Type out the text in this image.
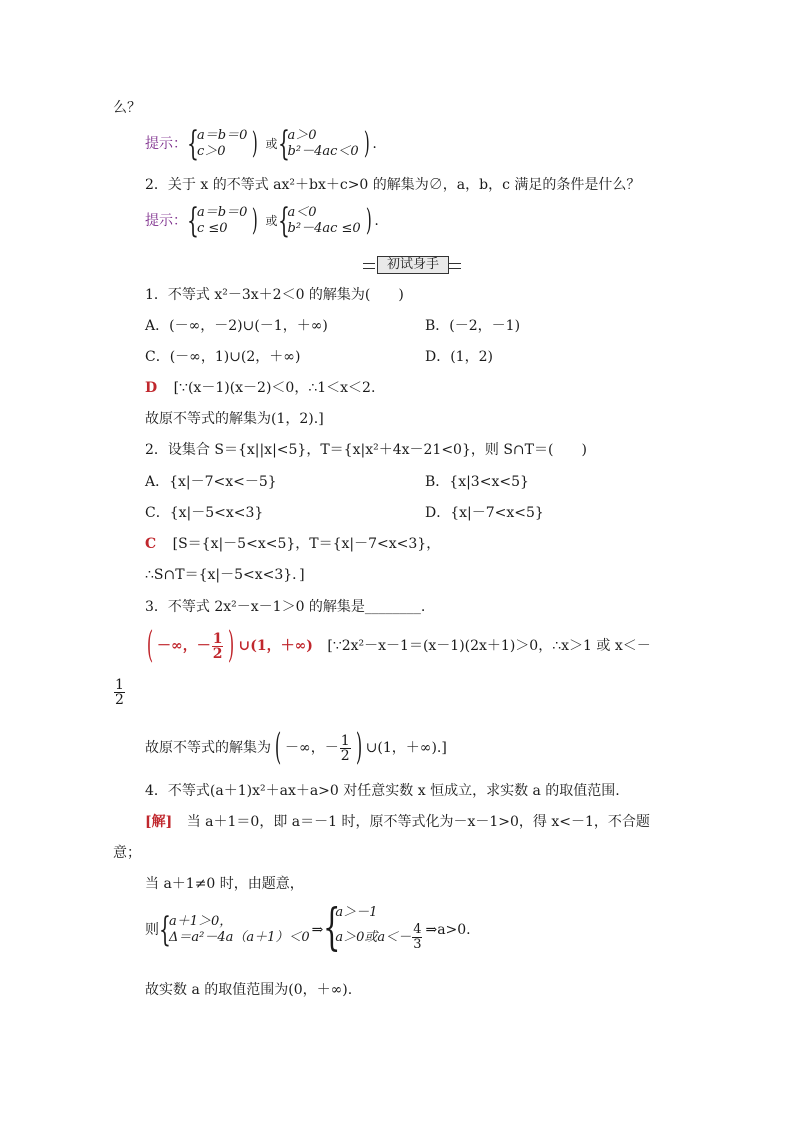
么？
提示： {
a＝b＝0
c＞0 ) 或 {
a＞0
b²－4ac＜0 ) .
2．关于 x 的不等式 ax²＋bx＋c>0 的解集为∅，a，b，c 满足的条件是什么？
提示： {
a＝b＝0
c ≤0 ) 或 {
a＜0
b²－4ac ≤0 ) .
初试身手
1．不等式 x²－3x＋2＜0 的解集为(　　)
A．(－∞，－2)∪(－1，＋∞)	B．(－2，－1)
C．(－∞，1)∪(2，＋∞)	D．(1，2)
D [∵(x－1)(x－2)＜0，∴1＜x＜2.
故原不等式的解集为(1，2).]
2．设集合 S＝{x||x|<5}，T＝{x|x²＋4x－21<0}，则 S∩T＝(　　)
A．{x|－7<x<－5}	B．{x|3<x<5}
C．{x|－5<x<3}	D．{x|－7<x<5}
C [S＝{x|－5<x<5}，T＝{x|－7<x<3}，
∴S∩T＝{x|－5<x<3}．]
3．不等式 2x²－x－1＞0 的解集是________.
( －∞，－ $\frac{1}{2}$ ) ∪(1，＋∞) [∵2x²－x－1＝(x－1)(2x＋1)＞0，∴x＞1 或 x＜－
$\frac{1}{2}$
故原不等式的解集为 ( －∞，－ $\frac{1}{2}$ ) ∪(1，＋∞).]
4．不等式(a＋1)x²＋ax＋a>0 对任意实数 x 恒成立，求实数 a 的取值范围.
[解] 当 a＋1＝0，即 a＝－1 时，原不等式化为－x－1>0，得 x<－1，不合题
意；
当 a＋1≠0 时，由题意，
则 {
a＋1＞0，
Δ＝a²－4a（a＋1）＜0 ⇒ {
a＞－1
a＞0或$a<- \frac{4}{3}$ ⇒a>0.
故实数 a 的取值范围为(0，＋∞).
